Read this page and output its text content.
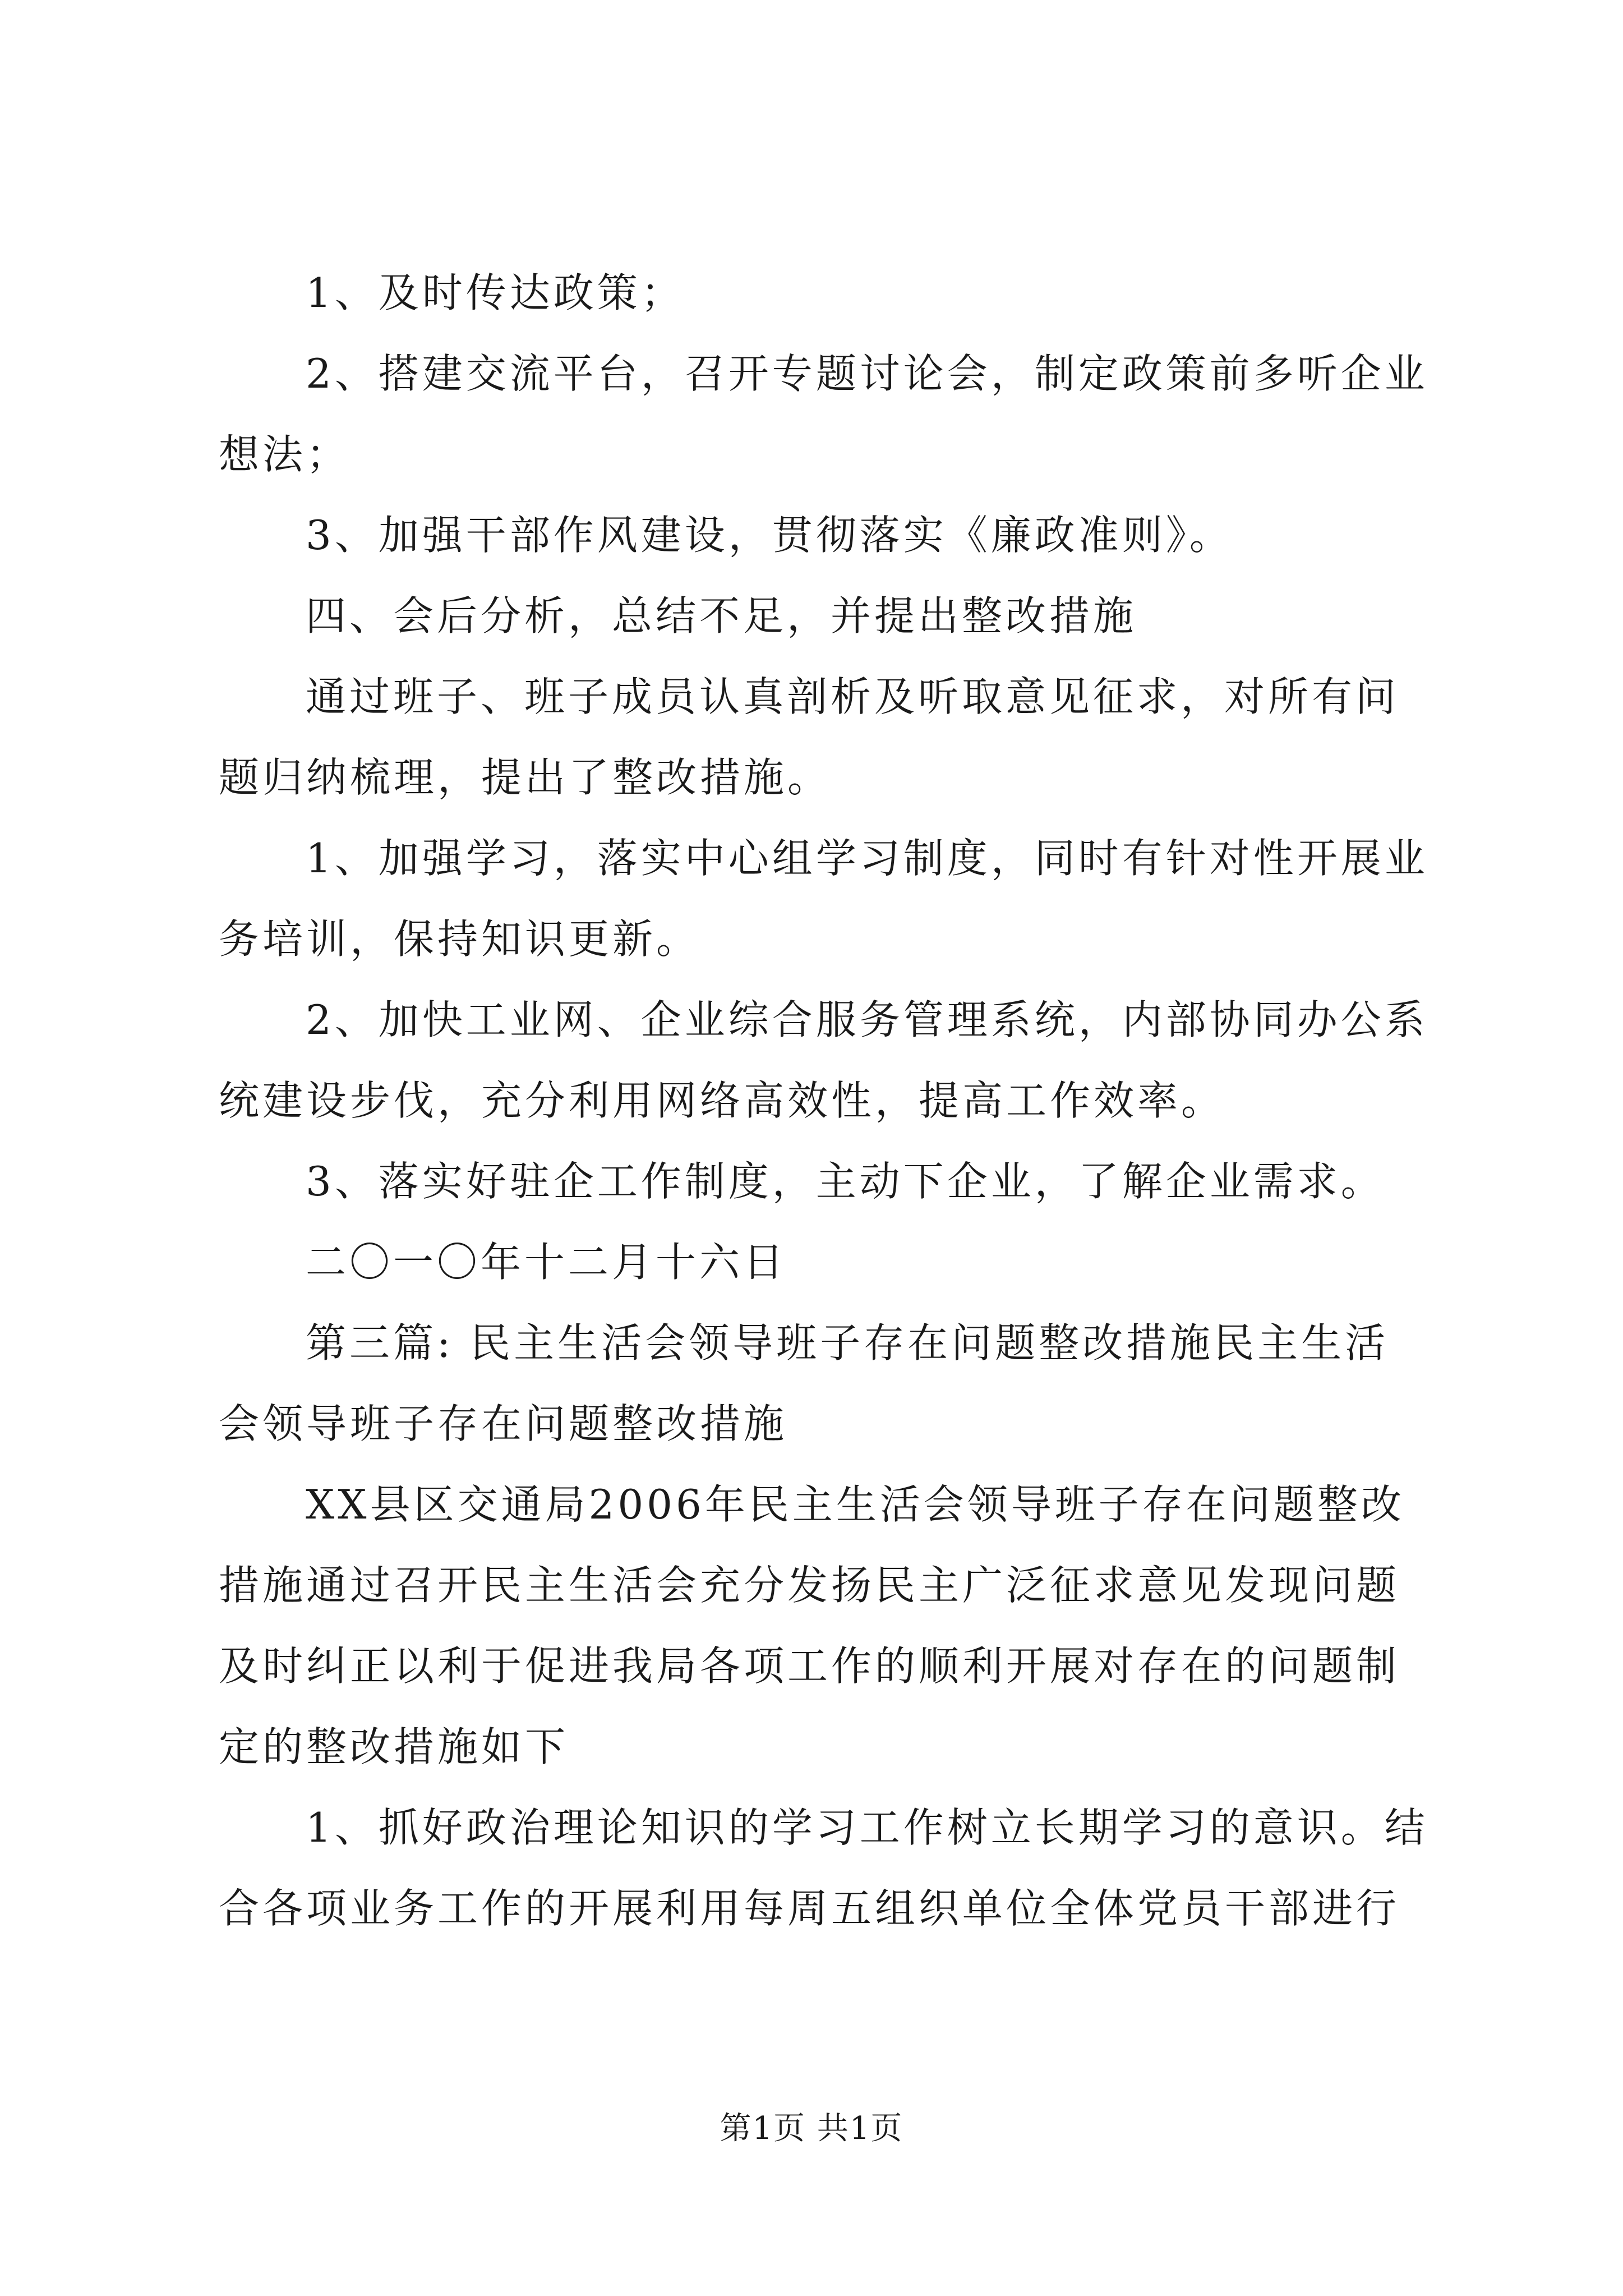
1、及时传达政策；

2、搭建交流平台，召开专题讨论会，制定政策前多听企业想法；

3、加强干部作风建设，贯彻落实《廉政准则》。

四、会后分析，总结不足，并提出整改措施

通过班子、班子成员认真剖析及听取意见征求，对所有问题归纳梳理，提出了整改措施。

1、加强学习，落实中心组学习制度，同时有针对性开展业务培训，保持知识更新。

2、加快工业网、企业综合服务管理系统，内部协同办公系统建设步伐，充分利用网络高效性，提高工作效率。

3、落实好驻企工作制度，主动下企业，了解企业需求。

二〇一〇年十二月十六日

第三篇: 民主生活会领导班子存在问题整改措施民主生活会领导班子存在问题整改措施

XX县区交通局2006年民主生活会领导班子存在问题整改措施通过召开民主生活会充分发扬民主广泛征求意见发现问题及时纠正以利于促进我局各项工作的顺利开展对存在的问题制定的整改措施如下

1、抓好政治理论知识的学习工作树立长期学习的意识。结合各项业务工作的开展利用每周五组织单位全体党员干部进行

第1页 共1页
